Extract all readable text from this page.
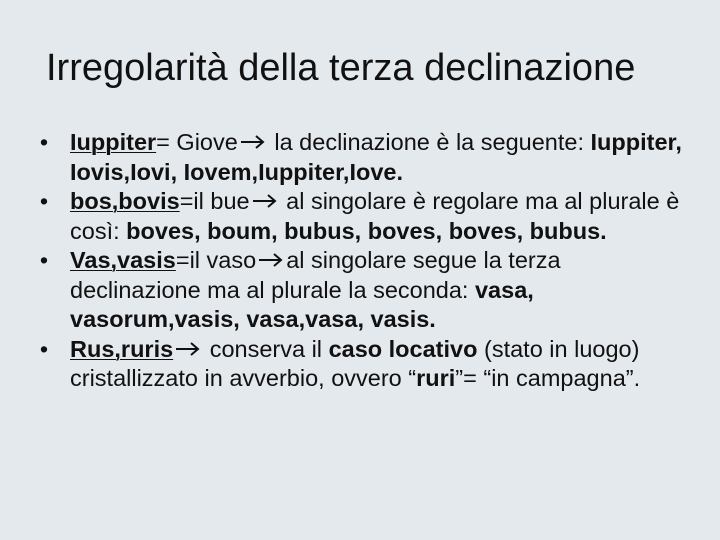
Irregolarità della terza declinazione
• Iuppiter= Giove
la declinazione è la seguente: Iuppiter, Iovis,Iovi, Iovem,Iuppiter,Iove.
• bos,bovis=il bue
al singolare è regolare ma al plurale è così: boves, boum, bubus, boves, boves, bubus.
• Vas,vasis=il vaso al singolare segue la terza declinazione ma al plurale la seconda: vasa, vasorum,vasis, vasa,vasa, vasis.
• Rus,ruris
conserva il caso locativo (stato in luogo) cristallizzato in avverbio, ovvero “ruri”= “in campagna”.
